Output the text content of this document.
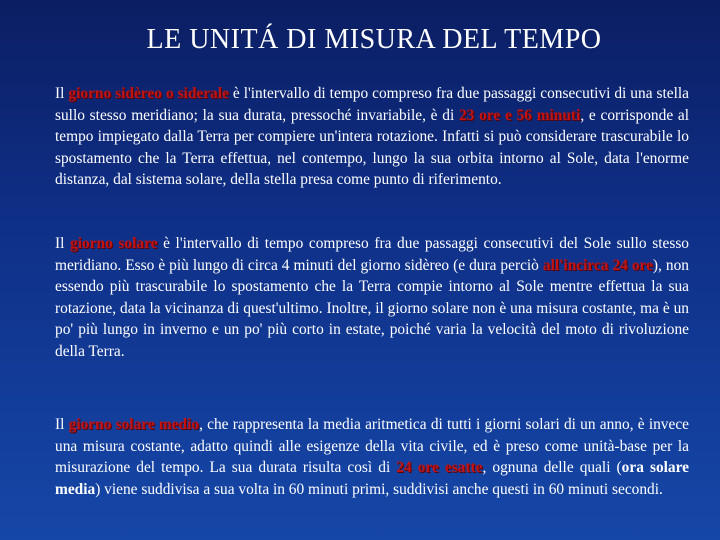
LE UNITÁ DI MISURA DEL TEMPO

Il giorno sidèreo o siderale è l'intervallo di tempo compreso fra due passaggi consecutivi di una stella sullo stesso meridiano; la sua durata, pressoché invariabile, è di 23 ore e 56 minuti, e corrisponde al tempo impiegato dalla Terra per compiere un'intera rotazione. Infatti si può considerare trascurabile lo spostamento che la Terra effettua, nel contempo, lungo la sua orbita intorno al Sole, data l'enorme distanza, dal sistema solare, della stella presa come punto di riferimento.

Il giorno solare è l'intervallo di tempo compreso fra due passaggi consecutivi del Sole sullo stesso meridiano. Esso è più lungo di circa 4 minuti del giorno sidèreo (e dura perciò all'incirca 24 ore), non essendo più trascurabile lo spostamento che la Terra compie intorno al Sole mentre effettua la sua rotazione, data la vicinanza di quest'ultimo. Inoltre, il giorno solare non è una misura costante, ma è un po' più lungo in inverno e un po' più corto in estate, poiché varia la velocità del moto di rivoluzione della Terra.

Il giorno solare medio, che rappresenta la media aritmetica di tutti i giorni solari di un anno, è invece una misura costante, adatto quindi alle esigenze della vita civile, ed è preso come unità-base per la misurazione del tempo. La sua durata risulta così di 24 ore esatte, ognuna delle quali (ora solare media) viene suddivisa a sua volta in 60 minuti primi, suddivisi anche questi in 60 minuti secondi.
